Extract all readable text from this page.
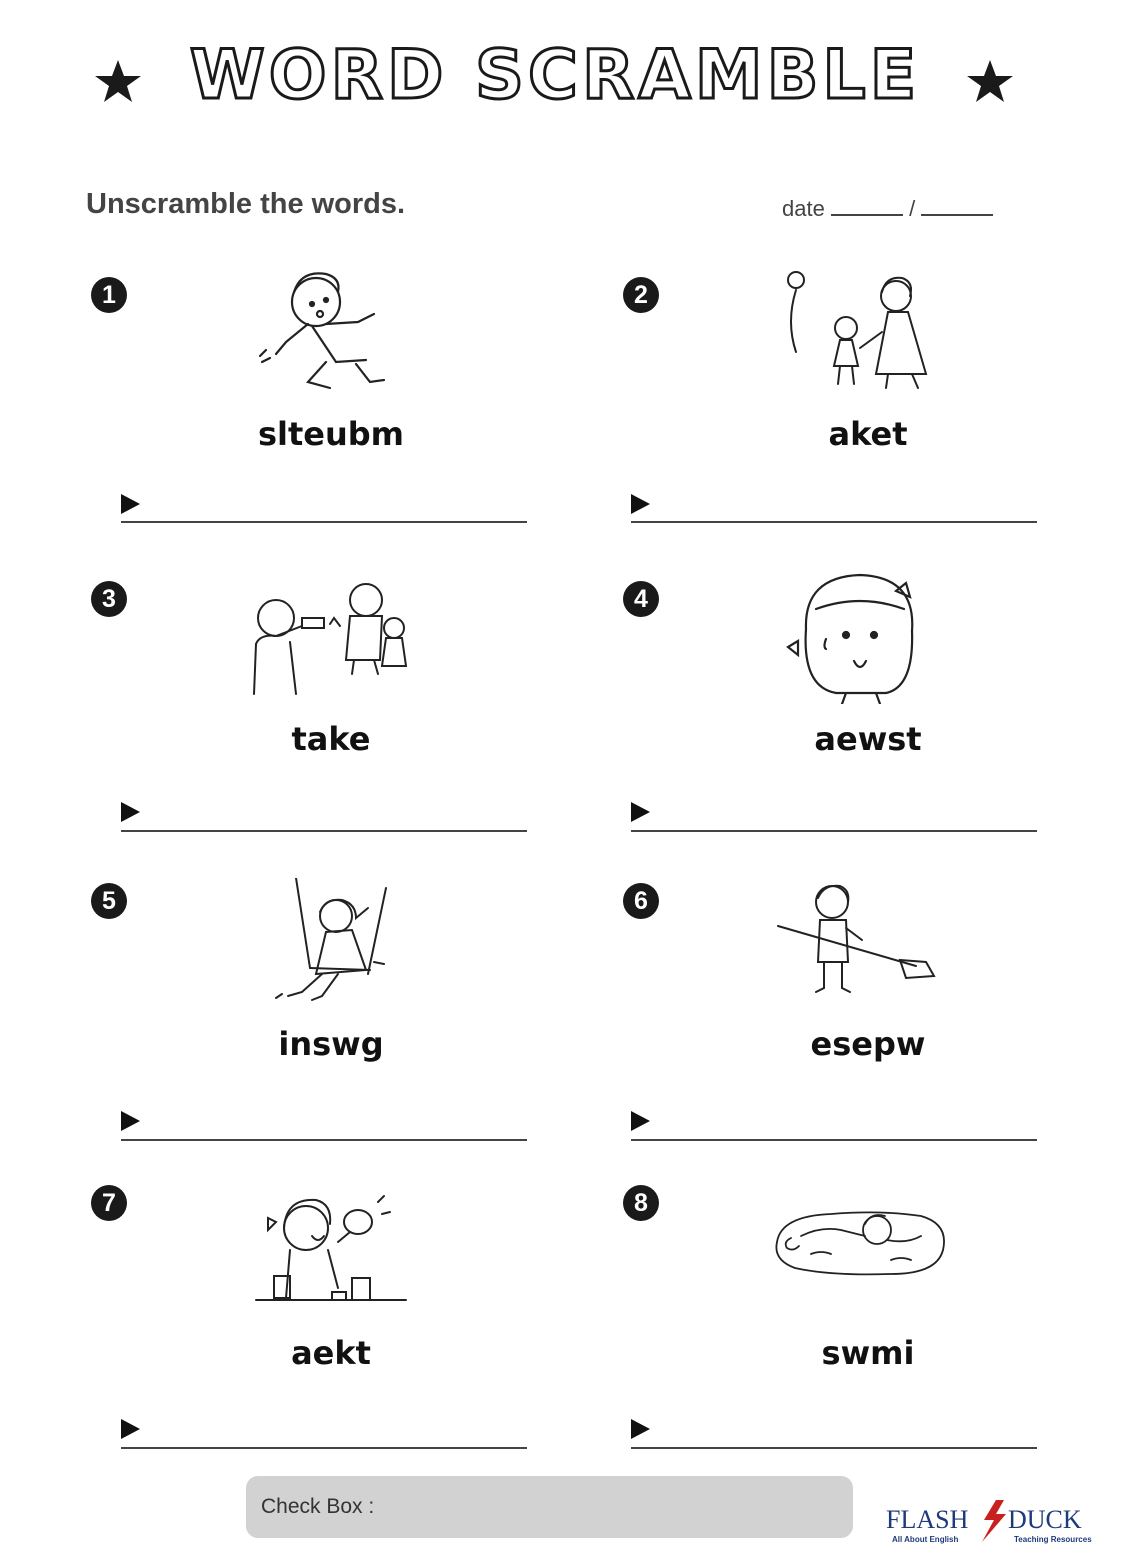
WORD SCRAMBLE
Unscramble the words.	date	/
1
slteubm
2
aket
3
take
4
aewst
5
inswg
6
esepw
7
aekt
8
swmi
Check Box :	FLASH DUCK
All About English	Teaching Resources
